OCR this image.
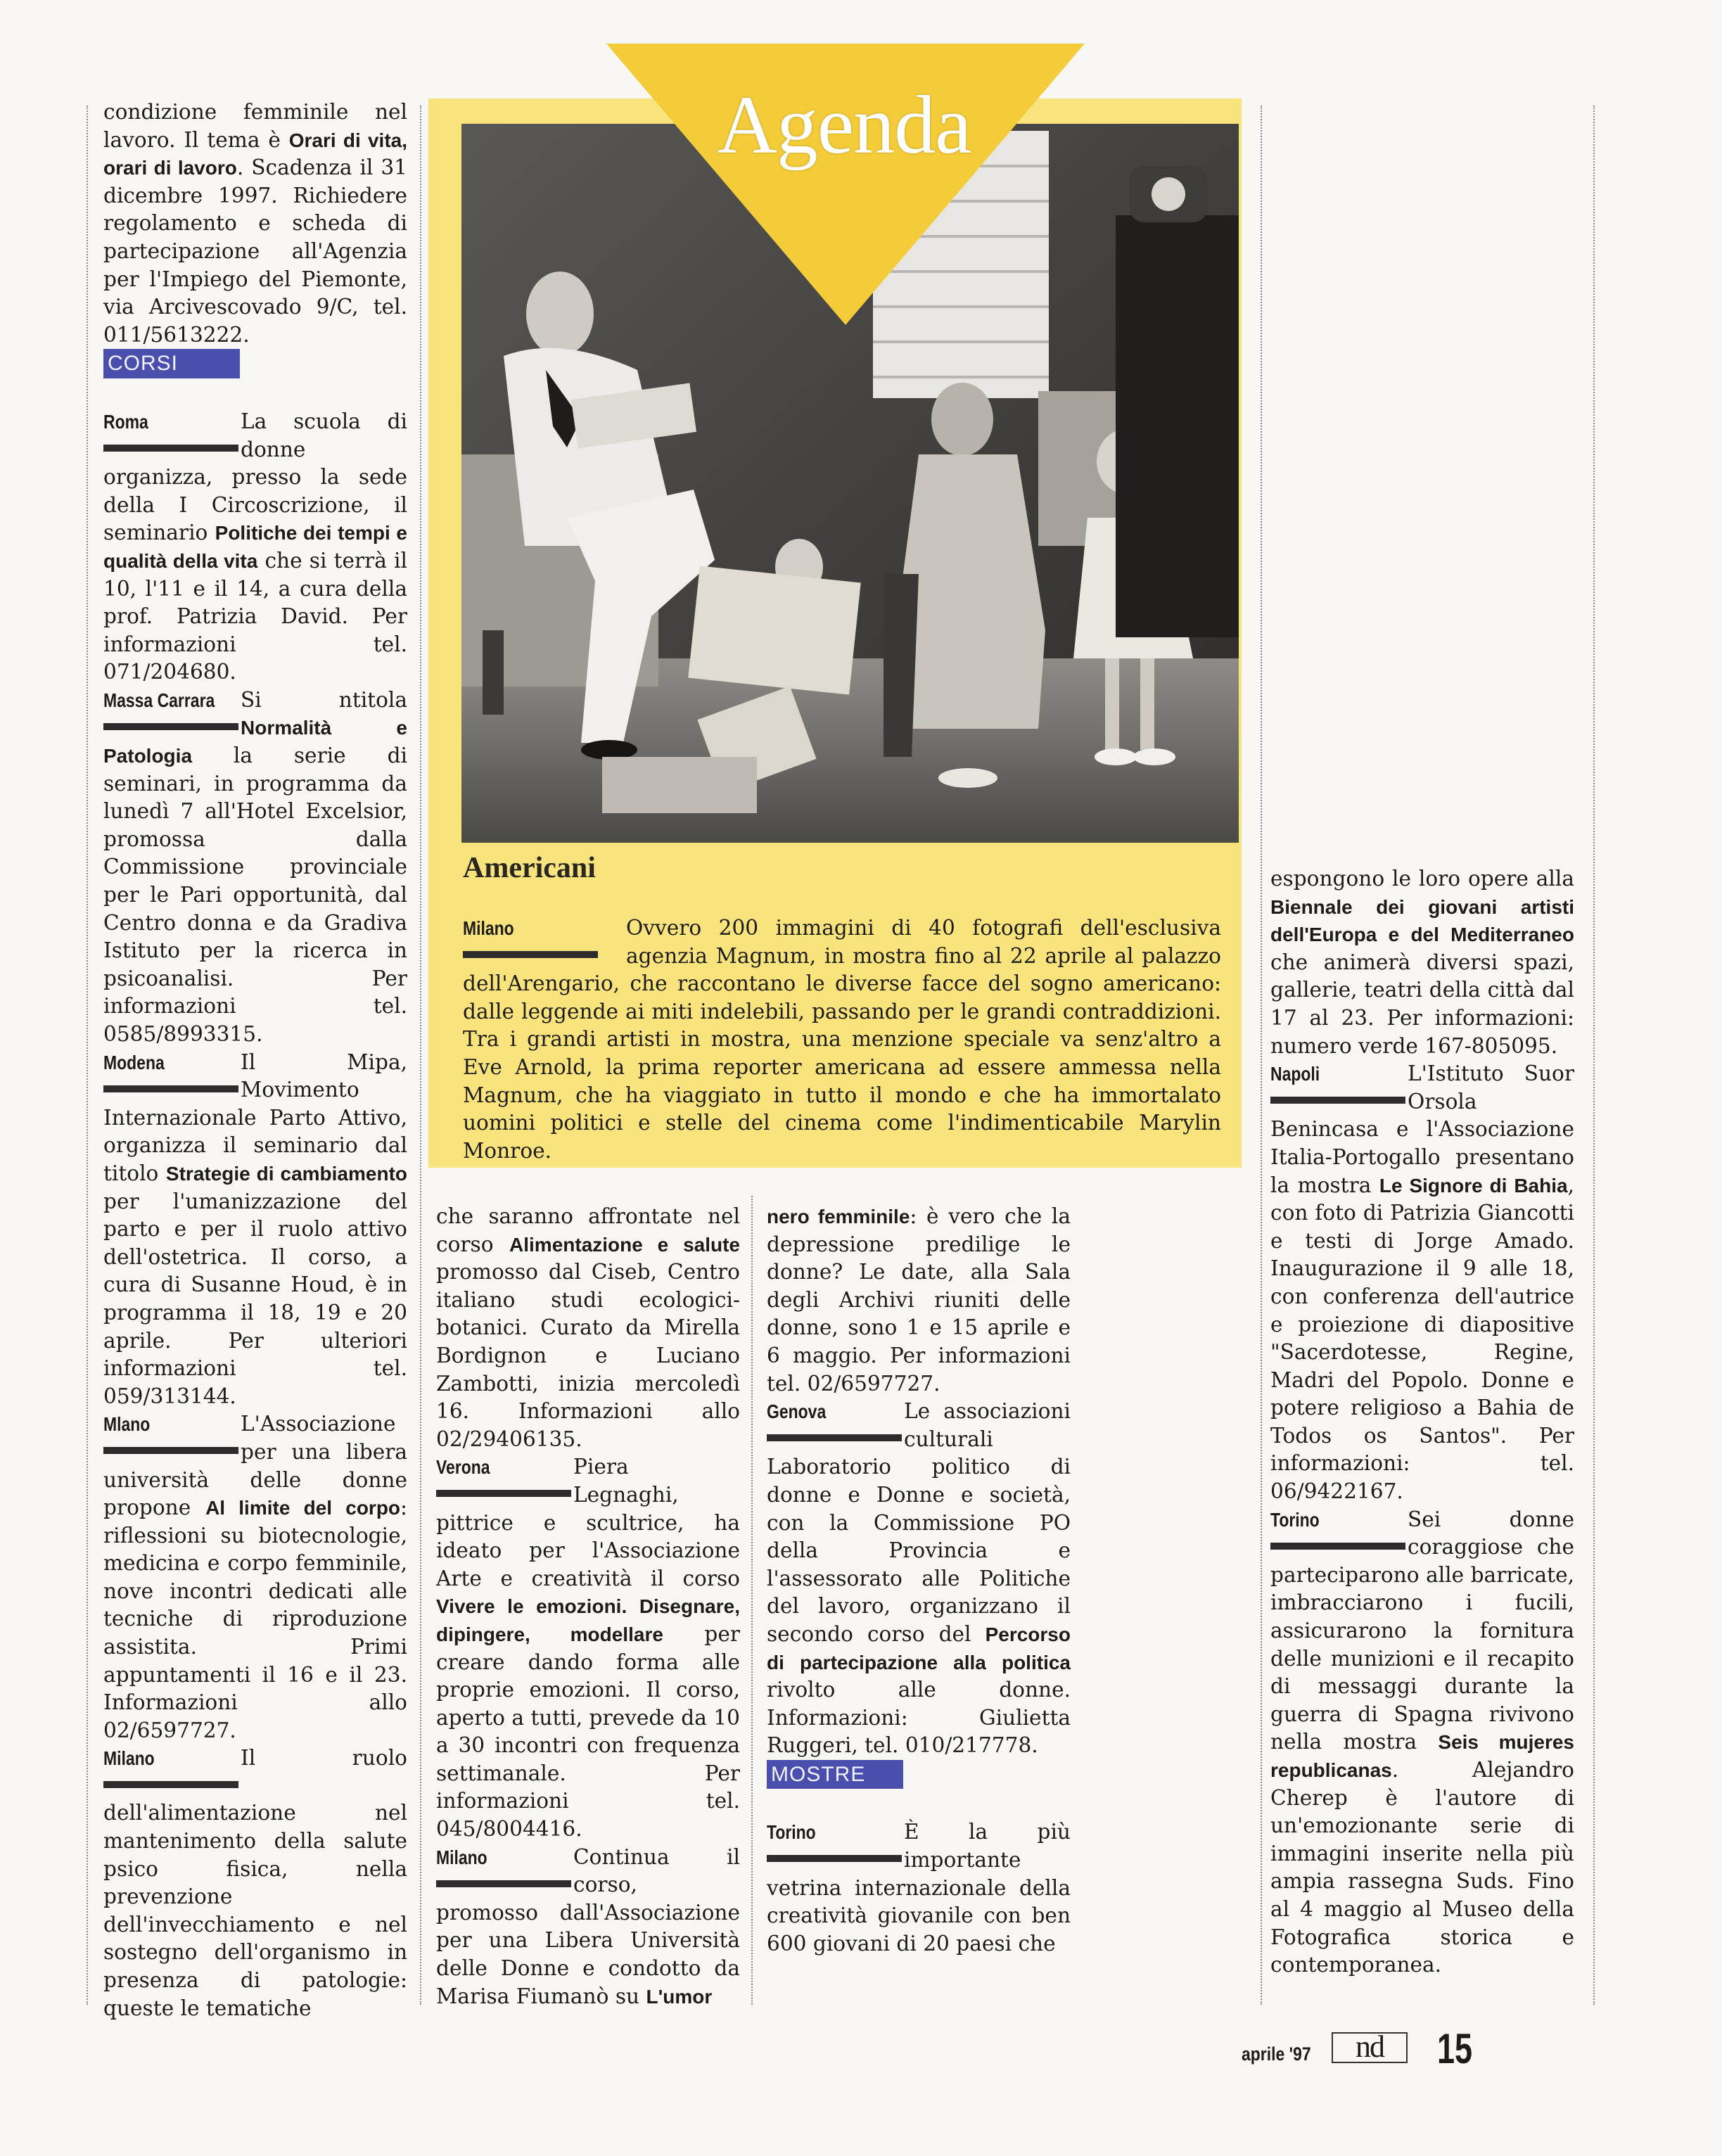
Agenda
Americani
Milano	Ovvero 200 immagini di 40 fotografi dell'esclusiva agenzia Magnum, in mostra fino al 22 aprile al palazzo dell'Arengario, che raccontano le diverse facce del sogno americano: dalle leggende ai miti indelebili, passando per le grandi contraddizioni. Tra i grandi artisti in mostra, una menzione speciale va senz'altro a Eve Arnold, la prima reporter americana ad essere ammessa nella Magnum, che ha viaggiato in tutto il mondo e che ha immortalato uomini politici e stelle del cinema come l'indimenticabile Marylin Monroe.

condizione femminile nel lavoro. Il tema è Orari di vita, orari di lavoro. Scadenza il 31 dicembre 1997. Richiedere regolamento e scheda di partecipazione all'Agenzia per l'Impiego del Piemonte, via Arcivescovado 9/C, tel. 011/5613222.

CORSI

Roma	La scuola di donne organizza, presso la sede della I Circoscrizione, il seminario Politiche dei tempi e qualità della vita che si terrà il 10, l'11 e il 14, a cura della prof. Patrizia David. Per informazioni tel. 071/204680.

Massa Carrara Si ntitola Normalità e Patologia la serie di seminari, in programma da lunedì 7 all'Hotel Excelsior, promossa dalla Commissione provinciale per le Pari opportunità, dal Centro donna e da Gradiva Istituto per la ricerca in psicoanalisi. Per informazioni tel. 0585/8993315.

Modena	Il Mipa, Movimento Internazionale Parto Attivo, organizza il seminario dal titolo Strategie di cambiamento per l'umanizzazione del parto e per il ruolo attivo dell'ostetrica. Il corso, a cura di Susanne Houd, è in programma il 18, 19 e 20 aprile. Per ulteriori informazioni tel. 059/313144.

Mlano	L'Associazione per una libera università delle donne propone Al limite del corpo: riflessioni su biotecnologie, medicina e corpo femminile, nove incontri dedicati alle tecniche di riproduzione assistita. Primi appuntamenti il 16 e il 23. Informazioni allo 02/6597727.

Milano	Il ruolo dell'alimentazione nel mantenimento della salute psico fisica, nella prevenzione dell'invecchiamento e nel sostegno dell'organismo in presenza di patologie: queste le tematiche

che saranno affrontate nel corso Alimentazione e salute promosso dal Ciseb, Centro italiano studi ecologici-botanici. Curato da Mirella Bordignon e Luciano Zambotti, inizia mercoledì 16. Informazioni allo 02/29406135.

Verona	Piera Legnaghi, pittrice e scultrice, ha ideato per l'Associazione Arte e creatività il corso Vivere le emozioni. Disegnare, dipingere, modellare per creare dando forma alle proprie emozioni. Il corso, aperto a tutti, prevede da 10 a 30 incontri con frequenza settimanale. Per informazioni tel. 045/8004416.

Milano	Continua il corso, promosso dall'Associazione per una Libera Università delle Donne e condotto da Marisa Fiumanò su L'umor

nero femminile: è vero che la depressione predilige le donne? Le date, alla Sala degli Archivi riuniti delle donne, sono 1 e 15 aprile e 6 maggio. Per informazioni tel. 02/6597727.

Genova	Le associazioni culturali Laboratorio politico di donne e Donne e società, con la Commissione PO della Provincia e l'assessorato alle Politiche del lavoro, organizzano il secondo corso del Percorso di partecipazione alla politica rivolto alle donne. Informazioni: Giulietta Ruggeri, tel. 010/217778.

MOSTRE

Torino	È la più importante vetrina internazionale della creatività giovanile con ben 600 giovani di 20 paesi che

espongono le loro opere alla Biennale dei giovani artisti dell'Europa e del Mediterraneo che animerà diversi spazi, gallerie, teatri della città dal 17 al 23. Per informazioni: numero verde 167-805095.

Napoli	L'Istituto Suor Orsola Benincasa e l'Associazione Italia-Portogallo presentano la mostra Le Signore di Bahia, con foto di Patrizia Giancotti e testi di Jorge Amado. Inaugurazione il 9 alle 18, con conferenza dell'autrice e proiezione di diapositive "Sacerdotesse, Regine, Madri del Popolo. Donne e potere religioso a Bahia de Todos os Santos". Per informazioni: tel. 06/9422167.

Torino	Sei donne coraggiose che parteciparono alle barricate, imbracciarono i fucili, assicurarono la fornitura delle munizioni e il recapito di messaggi durante la guerra di Spagna rivivono nella mostra Seis mujeres republicanas. Alejandro Cherep è l'autore di un'emozionante serie di immagini inserite nella più ampia rassegna Suds. Fino al 4 maggio al Museo della Fotografica storica e contemporanea.

aprile '97	nd	15
